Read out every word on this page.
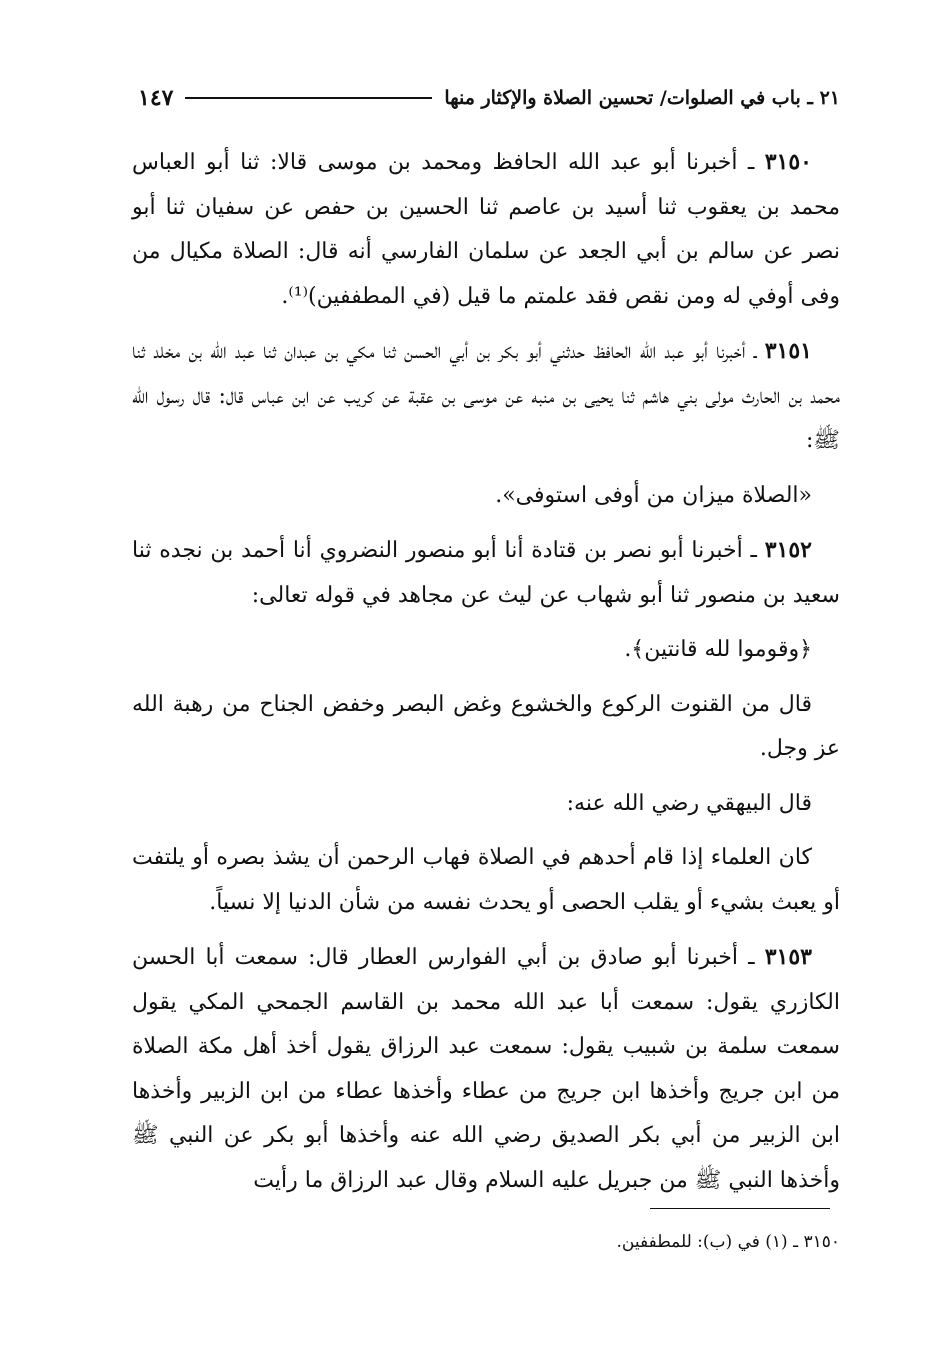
٢١ ـ باب في الصلوات/ تحسين الصلاة والإكثار منها
١٤٧

٣١٥٠ ـ أخبرنا أبو عبد الله الحافظ ومحمد بن موسى قالا: ثنا أبو العباس محمد بن يعقوب ثنا أسيد بن عاصم ثنا الحسين بن حفص عن سفيان ثنا أبو نصر عن سالم بن أبي الجعد عن سلمان الفارسي أنه قال: الصلاة مكيال من وفى أوفي له ومن نقص فقد علمتم ما قيل (في المطففين)⁽¹⁾.

٣١٥١ ـ أخبرنا أبو عبد الله الحافظ حدثني أبو بكر بن أبي الحسن ثنا مكي بن عبدان ثنا عبد الله بن مخلد ثنا محمد بن الحارث مولى بني هاشم ثنا يحيى بن منبه عن موسى بن عقبة عن كريب عن ابن عباس قال: قال رسول الله ﷺ:

«الصلاة ميزان من أوفى استوفى».

٣١٥٢ ـ أخبرنا أبو نصر بن قتادة أنا أبو منصور النضروي أنا أحمد بن نجده ثنا سعيد بن منصور ثنا أبو شهاب عن ليث عن مجاهد في قوله تعالى:

﴿وقوموا لله قانتين﴾.

قال من القنوت الركوع والخشوع وغض البصر وخفض الجناح من رهبة الله عز وجل.

قال البيهقي رضي الله عنه:

كان العلماء إذا قام أحدهم في الصلاة فهاب الرحمن أن يشذ بصره أو يلتفت أو يعبث بشيء أو يقلب الحصى أو يحدث نفسه من شأن الدنيا إلا نسياً.

٣١٥٣ ـ أخبرنا أبو صادق بن أبي الفوارس العطار قال: سمعت أبا الحسن الكازري يقول: سمعت أبا عبد الله محمد بن القاسم الجمحي المكي يقول سمعت سلمة بن شبيب يقول: سمعت عبد الرزاق يقول أخذ أهل مكة الصلاة من ابن جريج وأخذها ابن جريج من عطاء وأخذها عطاء من ابن الزبير وأخذها ابن الزبير من أبي بكر الصديق رضي الله عنه وأخذها أبو بكر عن النبي ﷺ وأخذها النبي ﷺ من جبريل عليه السلام وقال عبد الرزاق ما رأيت

٣١٥٠ ـ (١) في (ب): للمطففين.
